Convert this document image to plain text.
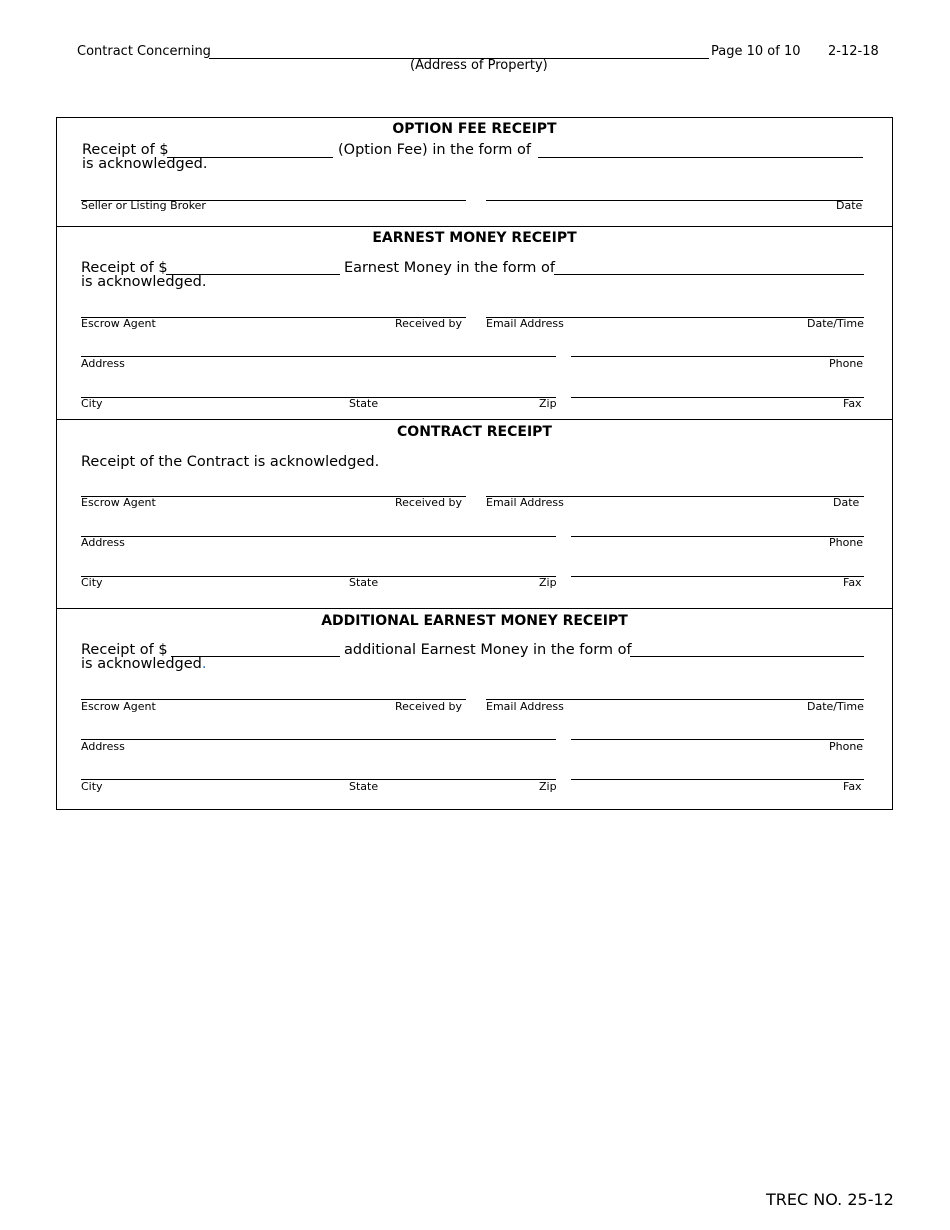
Contract Concerning
(Address of Property)
Page 10 of 10 2-12-18
OPTION FEE RECEIPT
Receipt of $	(Option Fee) in the form of
is acknowledged.
Seller or Listing Broker	Date
EARNEST MONEY RECEIPT
Receipt of $	Earnest Money in the form of
is acknowledged.
Escrow Agent	Received by Email Address	Date/Time
Address	Phone
City	State	Zip	Fax
CONTRACT RECEIPT
Receipt of the Contract is acknowledged.
Escrow Agent	Received by Email Address	Date
Address	Phone
City	State	Zip	Fax
ADDITIONAL EARNEST MONEY RECEIPT
Receipt of $	additional Earnest Money in the form of
is acknowledged.
Escrow Agent	Received by Email Address	Date/Time
Address	Phone
City	State	Zip	Fax
TREC NO. 25-12
